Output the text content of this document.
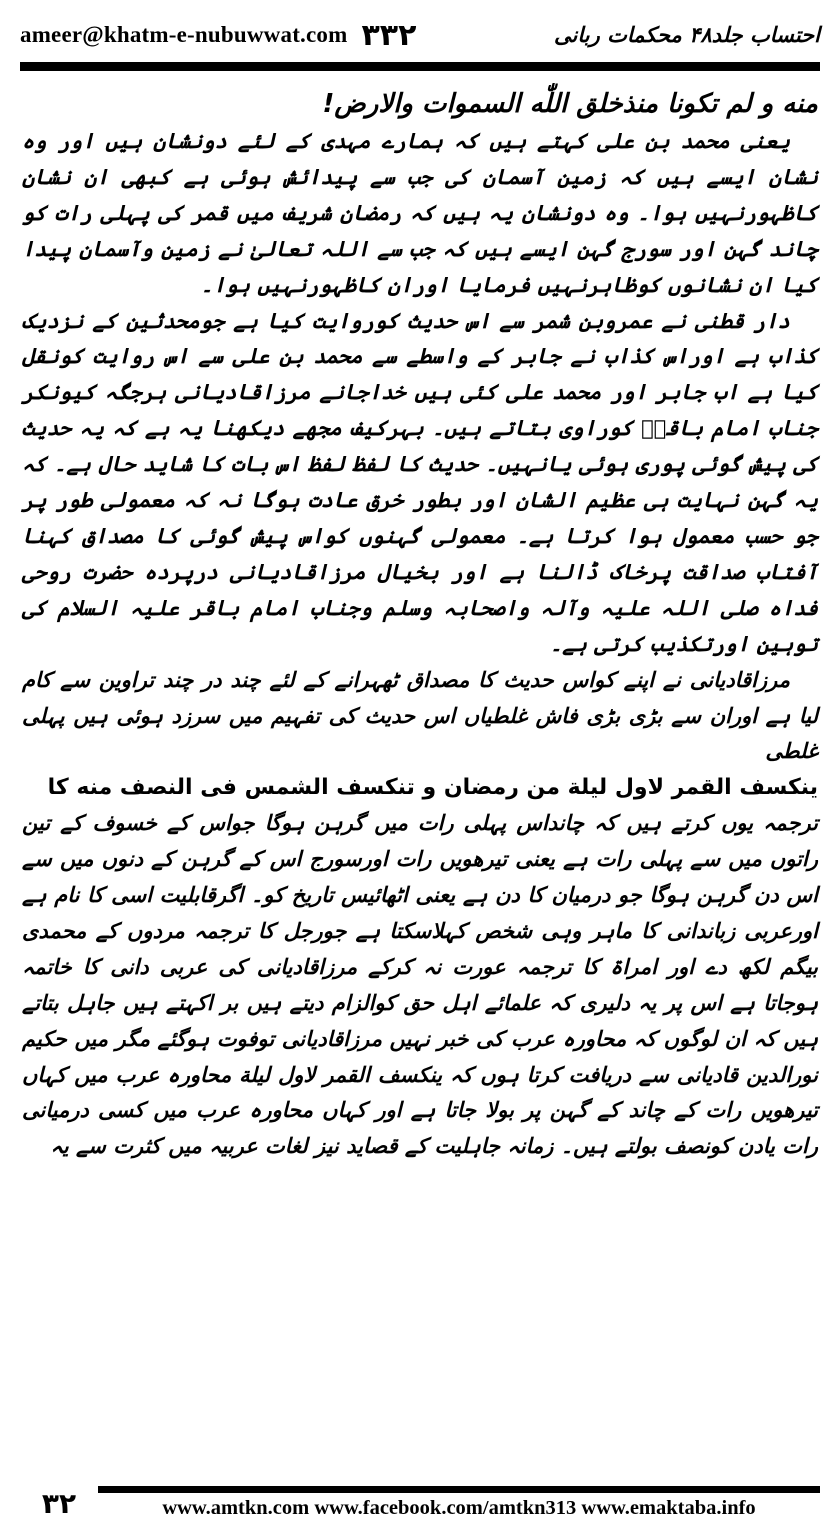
ameer@khatm-e-nubuwwat.com ۳۳۲	احتساب جلد۴۸ محکمات ربانی

منه و لم تکونا منذخلق اللّٰه السموات والارض!

یعنی محمد بن علی کہتے ہیں کہ ہمارے مہدی کے لئے دونشان ہیں اور وہ نشان ایسے ہیں کہ زمین آسمان کی جب سے پیدائش ہوئی ہے کبھی ان نشان کاظہورنہیں ہوا۔ وہ دونشان یہ ہیں کہ رمضان شریف میں قمر کی پہلی رات کو چاند گہن اور سورج گہن ایسے ہیں کہ جب سے اللہ تعالیٰ نے زمین وآسمان پیدا کیا ان نشانوں کوظاہرنہیں فرمایا اوران کاظہورنہیں ہوا۔

دار قطنی نے عمروبن شمر سے اس حدیث کوروایت کیا ہے جومحدثین کے نزدیک کذاب ہے اوراس کذاب نے جابر کے واسطے سے محمد بن علی سے اس روایت کونقل کیا ہے اب جابر اور محمد علی کئی ہیں خداجانے مرزاقادیانی ہرجگہ کیونکر جناب امام باقرؒ کوراوی بتاتے ہیں۔ بہرکیف مجھے دیکھنا یہ ہے کہ یہ حدیث کی پیش گوئی پوری ہوئی یانہیں۔ حدیث کا لفظ لفظ اس بات کا شاید حال ہے۔ کہ یہ گہن نہایت ہی عظیم الشان اور بطور خرق عادت ہوگا نہ کہ معمولی طور پر جو حسب معمول ہوا کرتا ہے۔ معمولی گہنوں کواس پیش گوئی کا مصداق کہنا آفتاب صداقت پرخاک ڈالنا ہے اور بخیال مرزاقادیانی درپردہ حضرت روحی فداہ صلی اللہ علیہ وآلہ واصحابہ وسلم وجناب امام باقر علیہ السلام کی توہین اورتکذیب کرتی ہے۔

مرزاقادیانی نے اپنے کواس حدیث کا مصداق ٹھہرانے کے لئے چند در چند تراوین سے کام لیا ہے اوران سے بڑی بڑی فاش غلطیاں اس حدیث کی تفہیم میں سرزد ہوئی ہیں پہلی غلطی

ینکسف القمر لاول لیلة من رمضان و تنکسف الشمس فی النصف منه کا

ترجمہ یوں کرتے ہیں کہ چانداس پہلی رات میں گرہن ہوگا جواس کے خسوف کے تین راتوں میں سے پہلی رات ہے یعنی تیرھویں رات اورسورج اس کے گرہن کے دنوں میں سے اس دن گرہن ہوگا جو درمیان کا دن ہے یعنی اٹھائیس تاریخ کو۔ اگرقابلیت اسی کا نام ہے اورعربی زباندانی کا ماہر وہی شخص کہلاسکتا ہے جورجل کا ترجمہ مردوں کے محمدی بیگم لکھ دے اور امراۃ کا ترجمہ عورت نہ کرکے مرزاقادیانی کی عربی دانی کا خاتمہ ہوجاتا ہے اس پر یہ دلیری کہ علمائے اہل حق کوالزام دیتے ہیں بر اکہتے ہیں جاہل بتاتے ہیں کہ ان لوگوں کہ محاورہ عرب کی خبر نہیں مرزاقادیانی توفوت ہوگئے مگر میں حکیم نورالدین قادیانی سے دریافت کرتا ہوں کہ ینکسف القمر لاول لیلة محاورہ عرب میں کہاں تیرھویں رات کے چاند کے گہن پر بولا جاتا ہے اور کہاں محاورہ عرب میں کسی درمیانی رات یادن کونصف بولتے ہیں۔ زمانہ جاہلیت کے قصاید نیز لغات عربیہ میں کثرت سے یہ

۳۲	www.amtkn.com www.facebook.com/amtkn313 www.emaktaba.info
